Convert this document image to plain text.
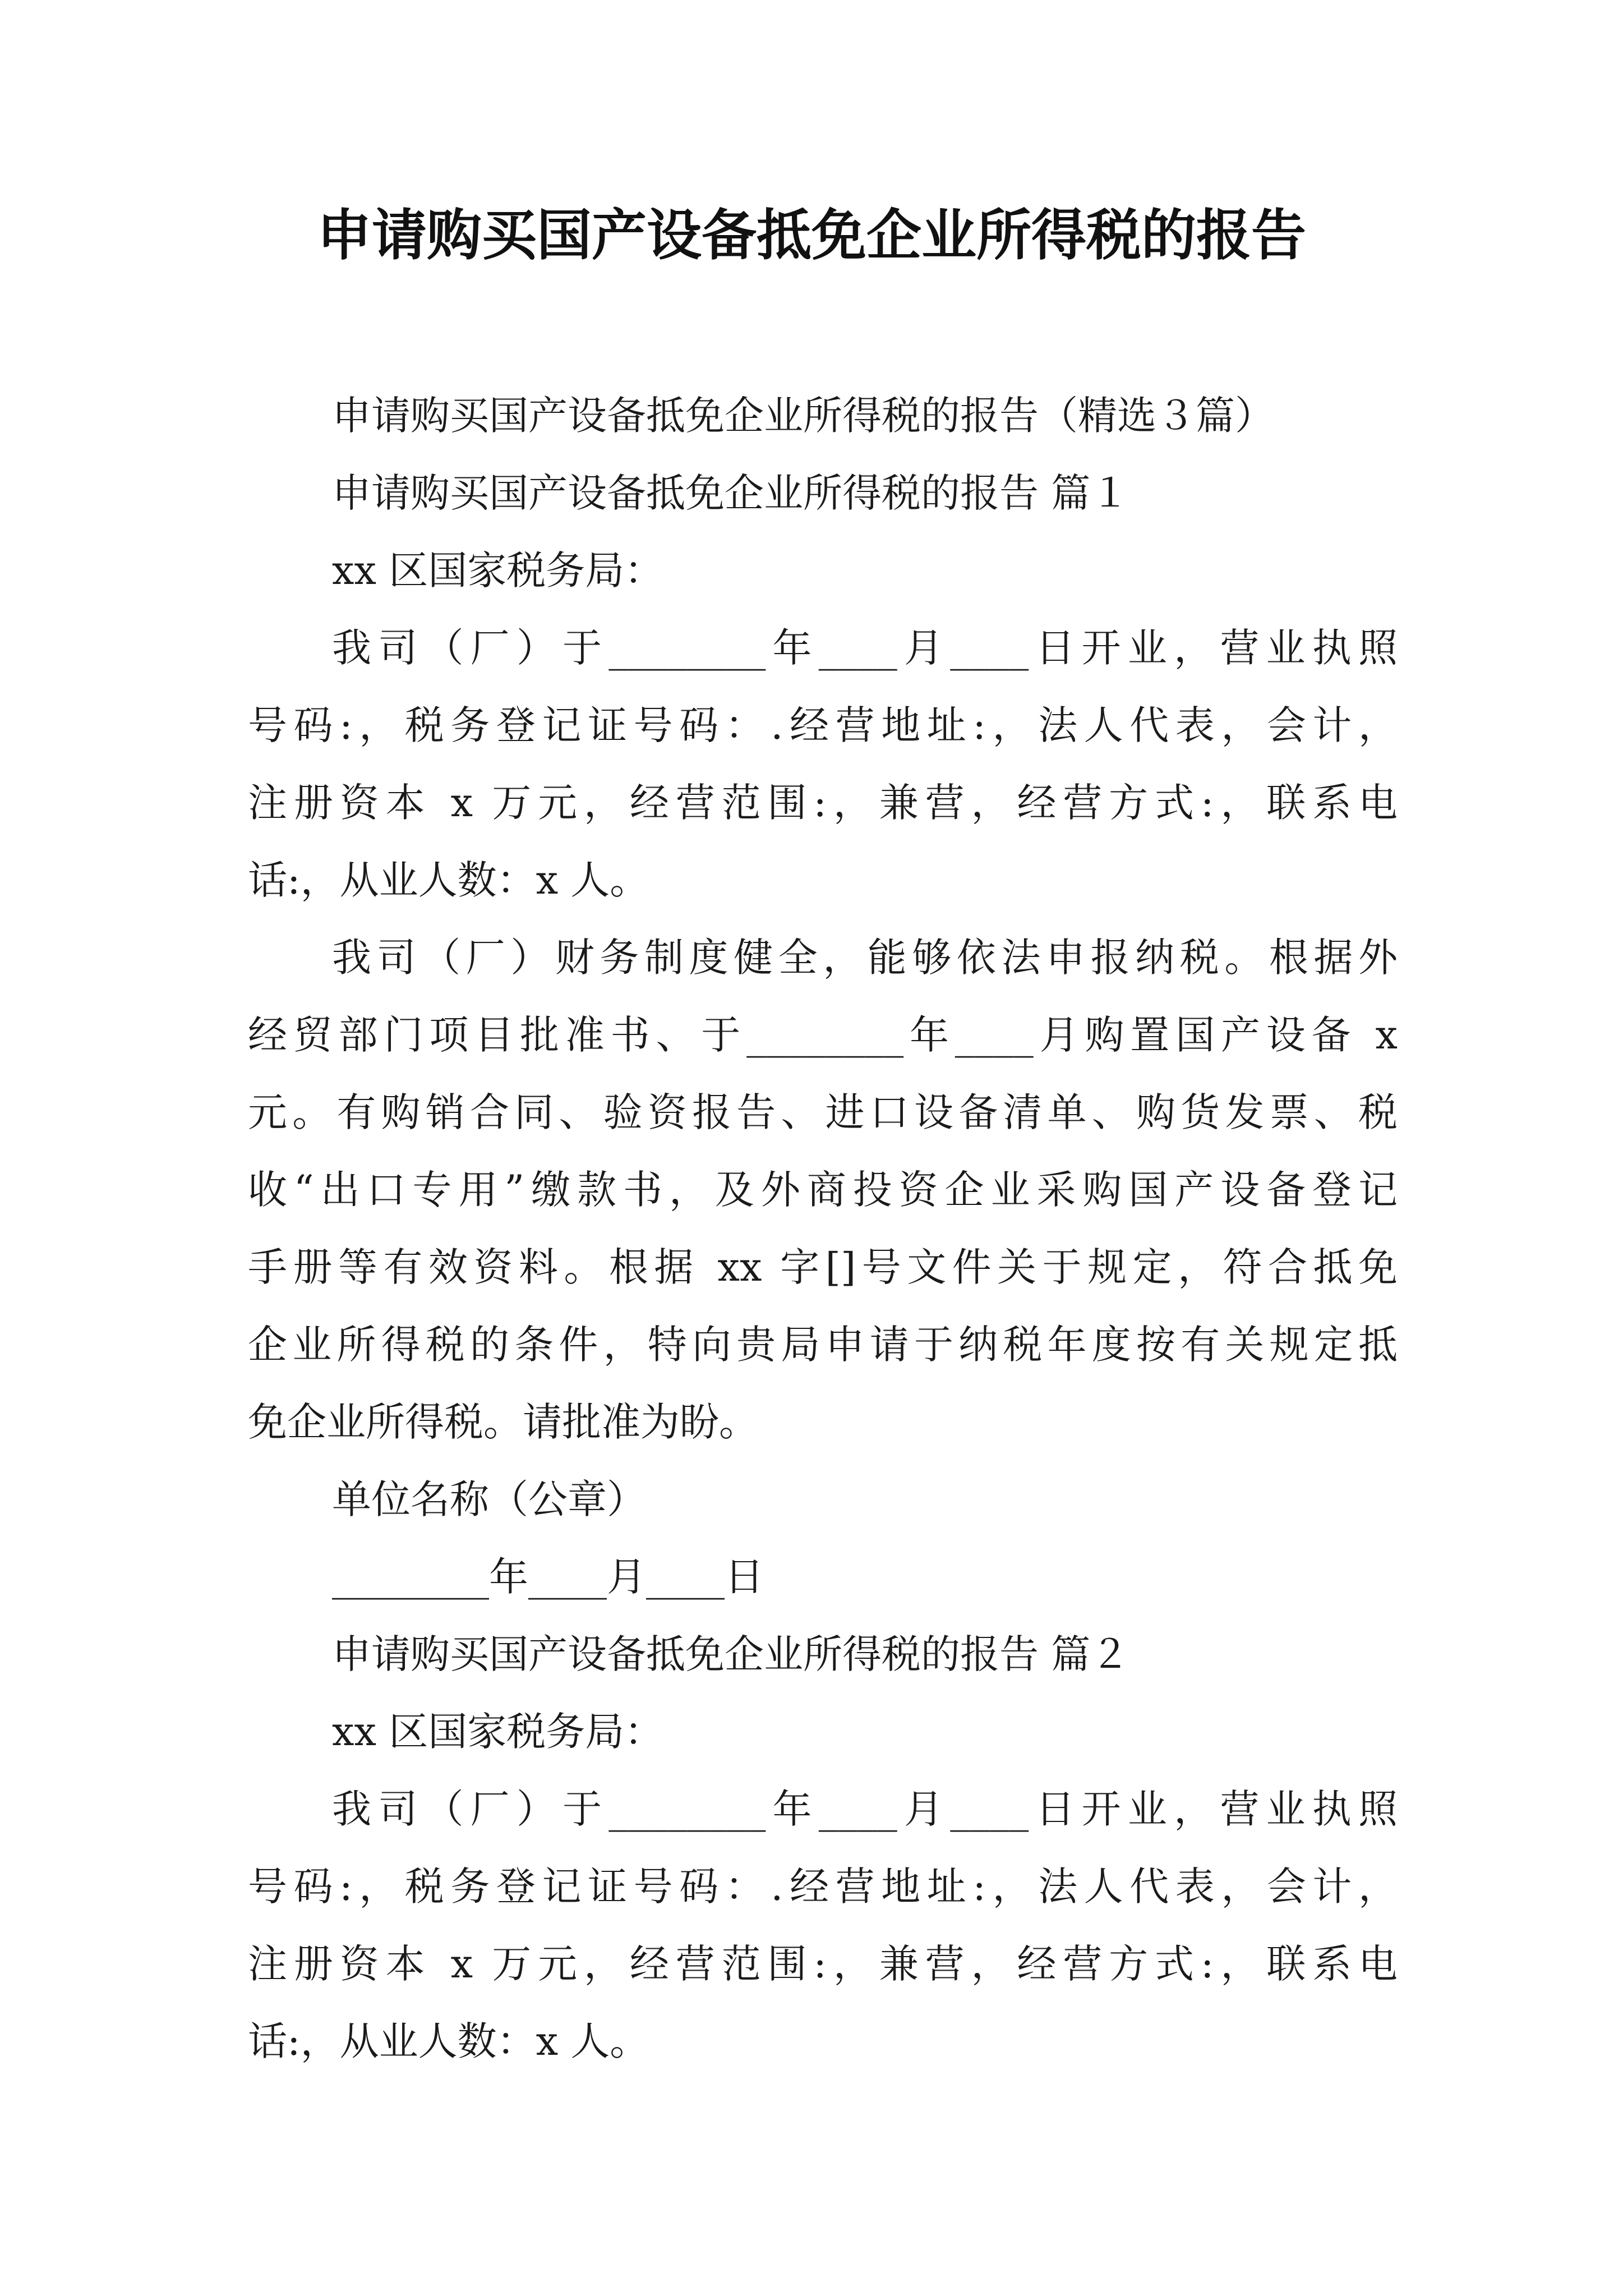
申请购买国产设备抵免企业所得税的报告
申请购买国产设备抵免企业所得税的报告（精选３篇）
申请购买国产设备抵免企业所得税的报告 篇１
xx 区国家税务局：
我司（厂）于________年____月____日开业，营业执照
号码:，税务登记证号码：.经营地址:，法人代表，会计，
注册资本 x 万元，经营范围:，兼营，经营方式:，联系电
话:，从业人数：x 人。
我司（厂）财务制度健全，能够依法申报纳税。根据外
经贸部门项目批准书、于________年____月购置国产设备 x
元。有购销合同、验资报告、进口设备清单、购货发票、税
收“出口专用”缴款书，及外商投资企业采购国产设备登记
手册等有效资料。根据 xx 字[]号文件关于规定，符合抵免
企业所得税的条件，特向贵局申请于纳税年度按有关规定抵
免企业所得税。请批准为盼。
单位名称（公章）
________年____月____日
申请购买国产设备抵免企业所得税的报告 篇２
xx 区国家税务局：
我司（厂）于________年____月____日开业，营业执照
号码:，税务登记证号码：.经营地址:，法人代表，会计，
注册资本 x 万元，经营范围:，兼营，经营方式:，联系电
话:，从业人数：x 人。
